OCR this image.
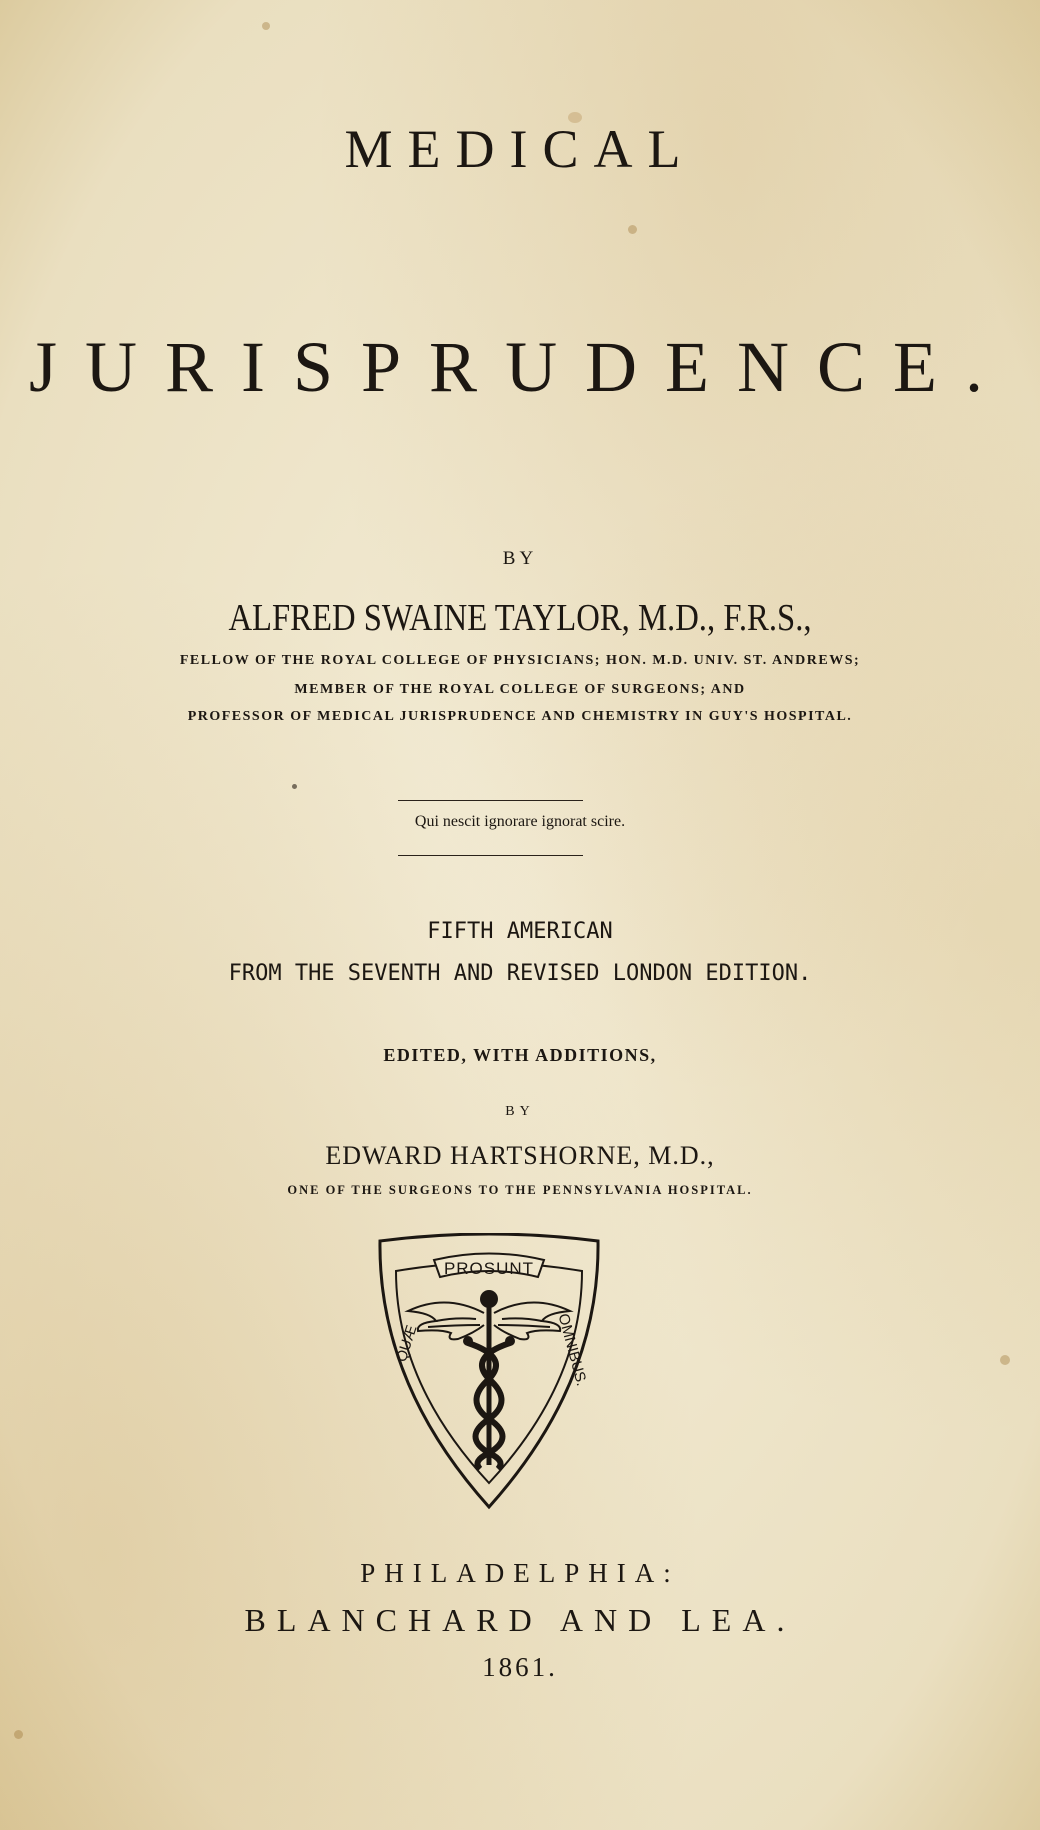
MEDICAL
JURISPRUDENCE.
BY
ALFRED SWAINE TAYLOR, M.D., F.R.S.,
FELLOW OF THE ROYAL COLLEGE OF PHYSICIANS; HON. M.D. UNIV. ST. ANDREWS;
MEMBER OF THE ROYAL COLLEGE OF SURGEONS; AND
PROFESSOR OF MEDICAL JURISPRUDENCE AND CHEMISTRY IN GUY'S HOSPITAL.
Qui nescit ignorare ignorat scire.
FIFTH AMERICAN
FROM THE SEVENTH AND REVISED LONDON EDITION.
EDITED, WITH ADDITIONS,
BY
EDWARD HARTSHORNE, M.D.,
ONE OF THE SURGEONS TO THE PENNSYLVANIA HOSPITAL.
PROSUNT
QUÆ	OMNIBUS.
PHILADELPHIA:
BLANCHARD AND LEA.
1861.
